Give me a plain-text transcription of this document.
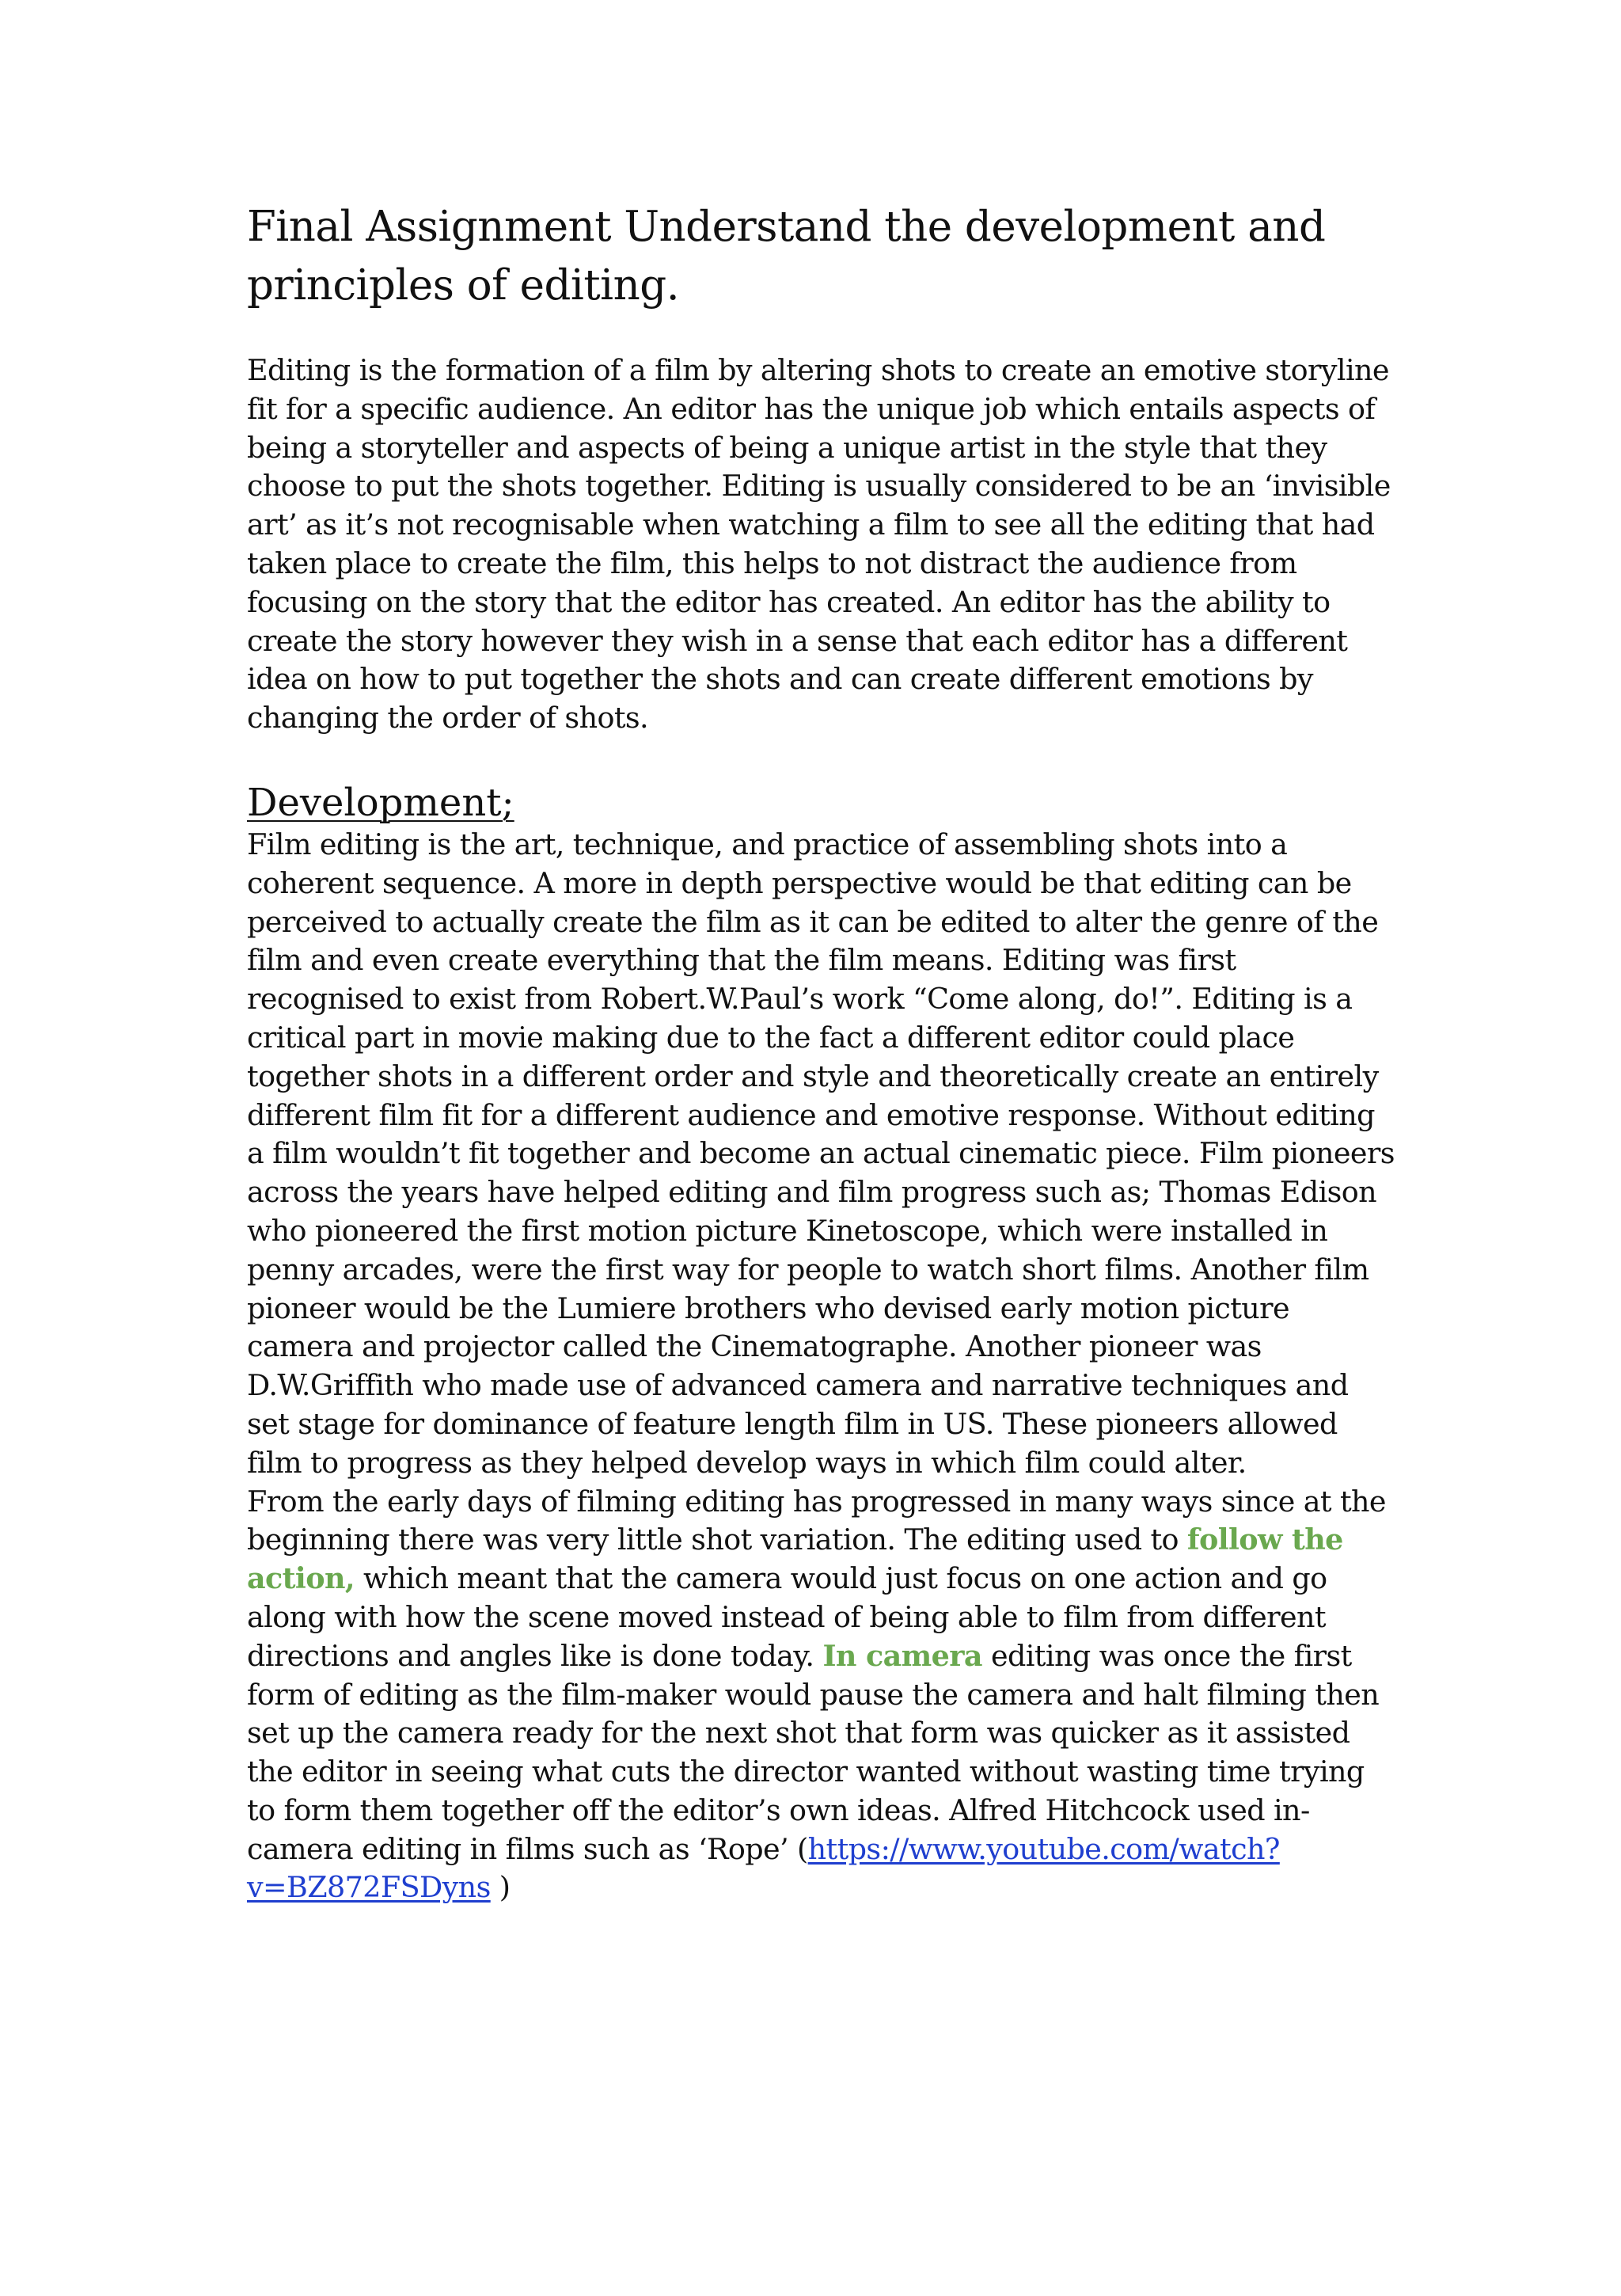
Final Assignment Understand the development and principles of editing.

Editing is the formation of a film by altering shots to create an emotive storyline fit for a specific audience. An editor has the unique job which entails aspects of being a storyteller and aspects of being a unique artist in the style that they choose to put the shots together. Editing is usually considered to be an ‘invisible art’ as it’s not recognisable when watching a film to see all the editing that had taken place to create the film, this helps to not distract the audience from focusing on the story that the editor has created. An editor has the ability to create the story however they wish in a sense that each editor has a different idea on how to put together the shots and can create different emotions by changing the order of shots.

Development;

Film editing is the art, technique, and practice of assembling shots into a coherent sequence. A more in depth perspective would be that editing can be perceived to actually create the film as it can be edited to alter the genre of the film and even create everything that the film means. Editing was first recognised to exist from Robert.W.Paul’s work “Come along, do!”. Editing is a critical part in movie making due to the fact a different editor could place together shots in a different order and style and theoretically create an entirely different film fit for a different audience and emotive response. Without editing a film wouldn’t fit together and become an actual cinematic piece. Film pioneers across the years have helped editing and film progress such as; Thomas Edison who pioneered the first motion picture Kinetoscope, which were installed in penny arcades, were the first way for people to watch short films. Another film pioneer would be the Lumiere brothers who devised early motion picture camera and projector called the Cinematographe. Another pioneer was D.W.Griffith who made use of advanced camera and narrative techniques and set stage for dominance of feature length film in US. These pioneers allowed film to progress as they helped develop ways in which film could alter.

From the early days of filming editing has progressed in many ways since at the beginning there was very little shot variation. The editing used to follow the action, which meant that the camera would just focus on one action and go along with how the scene moved instead of being able to film from different directions and angles like is done today. In camera editing was once the first form of editing as the film-maker would pause the camera and halt filming then set up the camera ready for the next shot that form was quicker as it assisted the editor in seeing what cuts the director wanted without wasting time trying to form them together off the editor’s own ideas. Alfred Hitchcock used in-camera editing in films such as ‘Rope’ (https://www.youtube.com/watch?v=BZ872FSDyns )
